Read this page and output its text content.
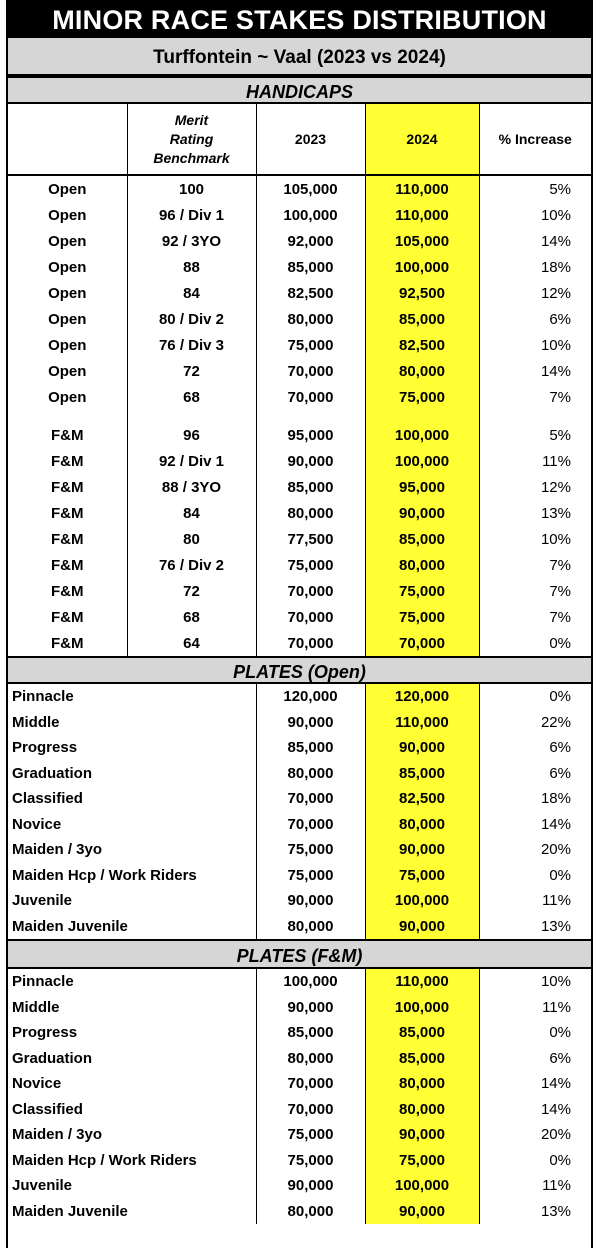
MINOR RACE STAKES DISTRIBUTION
Turffontein ~ Vaal (2023 vs 2024)
HANDICAPS
	Merit
Rating
Benchmark	2023	2024	% Increase
Open	100	105,000	110,000	5%
Open	96 / Div 1	100,000	110,000	10%
Open	92 / 3YO	92,000	105,000	14%
Open	88	85,000	100,000	18%
Open	84	82,500	92,500	12%
Open	80 / Div 2	80,000	85,000	6%
Open	76 / Div 3	75,000	82,500	10%
Open	72	70,000	80,000	14%
Open	68	70,000	75,000	7%

F&M	96	95,000	100,000	5%
F&M	92 / Div 1	90,000	100,000	11%
F&M	88 / 3YO	85,000	95,000	12%
F&M	84	80,000	90,000	13%
F&M	80	77,500	85,000	10%
F&M	76 / Div 2	75,000	80,000	7%
F&M	72	70,000	75,000	7%
F&M	68	70,000	75,000	7%
F&M	64	70,000	70,000	0%
PLATES (Open)
Pinnacle	120,000	120,000	0%
Middle	90,000	110,000	22%
Progress	85,000	90,000	6%
Graduation	80,000	85,000	6%
Classified	70,000	82,500	18%
Novice	70,000	80,000	14%
Maiden / 3yo	75,000	90,000	20%
Maiden Hcp / Work Riders	75,000	75,000	0%
Juvenile	90,000	100,000	11%
Maiden Juvenile	80,000	90,000	13%
PLATES (F&M)
Pinnacle	100,000	110,000	10%
Middle	90,000	100,000	11%
Progress	85,000	85,000	0%
Graduation	80,000	85,000	6%
Novice	70,000	80,000	14%
Classified	70,000	80,000	14%
Maiden / 3yo	75,000	90,000	20%
Maiden Hcp / Work Riders	75,000	75,000	0%
Juvenile	90,000	100,000	11%
Maiden Juvenile	80,000	90,000	13%
